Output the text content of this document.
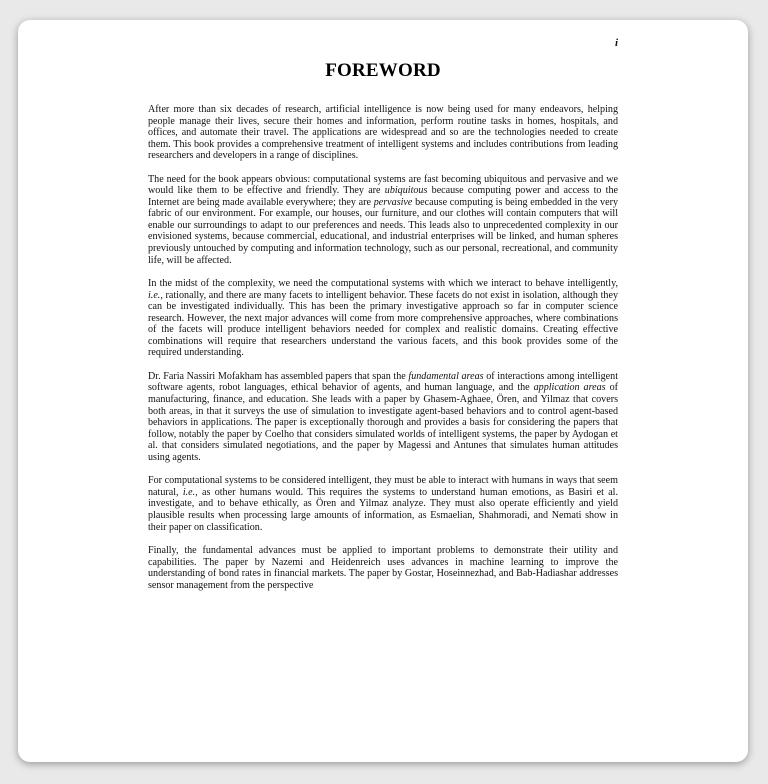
i
FOREWORD

After more than six decades of research, artificial intelligence is now being used for many endeavors, helping people manage their lives, secure their homes and information, perform routine tasks in homes, hospitals, and offices, and automate their travel. The applications are widespread and so are the technologies needed to create them. This book provides a comprehensive treatment of intelligent systems and includes contributions from leading researchers and developers in a range of disciplines.

The need for the book appears obvious: computational systems are fast becoming ubiquitous and pervasive and we would like them to be effective and friendly. They are ubiquitous because computing power and access to the Internet are being made available everywhere; they are pervasive because computing is being embedded in the very fabric of our environment. For example, our houses, our furniture, and our clothes will contain computers that will enable our surroundings to adapt to our preferences and needs. This leads also to unprecedented complexity in our envisioned systems, because commercial, educational, and industrial enterprises will be linked, and human spheres previously untouched by computing and information technology, such as our personal, recreational, and community life, will be affected.

In the midst of the complexity, we need the computational systems with which we interact to behave intelligently, i.e., rationally, and there are many facets to intelligent behavior. These facets do not exist in isolation, although they can be investigated individually. This has been the primary investigative approach so far in computer science research. However, the next major advances will come from more comprehensive approaches, where combinations of the facets will produce intelligent behaviors needed for complex and realistic domains. Creating effective combinations will require that researchers understand the various facets, and this book provides some of the required understanding.

Dr. Faria Nassiri Mofakham has assembled papers that span the fundamental areas of interactions among intelligent software agents, robot languages, ethical behavior of agents, and human language, and the application areas of manufacturing, finance, and education. She leads with a paper by Ghasem-Aghaee, Ören, and Yilmaz that covers both areas, in that it surveys the use of simulation to investigate agent-based behaviors and to control agent-based behaviors in applications. The paper is exceptionally thorough and provides a basis for considering the papers that follow, notably the paper by Coelho that considers simulated worlds of intelligent systems, the paper by Aydogan et al. that considers simulated negotiations, and the paper by Magessi and Antunes that simulates human attitudes using agents.

For computational systems to be considered intelligent, they must be able to interact with humans in ways that seem natural, i.e., as other humans would. This requires the systems to understand human emotions, as Basiri et al. investigate, and to behave ethically, as Ören and Yilmaz analyze. They must also operate efficiently and yield plausible results when processing large amounts of information, as Esmaelian, Shahmoradi, and Nemati show in their paper on classification.

Finally, the fundamental advances must be applied to important problems to demonstrate their utility and capabilities. The paper by Nazemi and Heidenreich uses advances in machine learning to improve the understanding of bond rates in financial markets. The paper by Gostar, Hoseinnezhad, and Bab-Hadiashar addresses sensor management from the perspective
